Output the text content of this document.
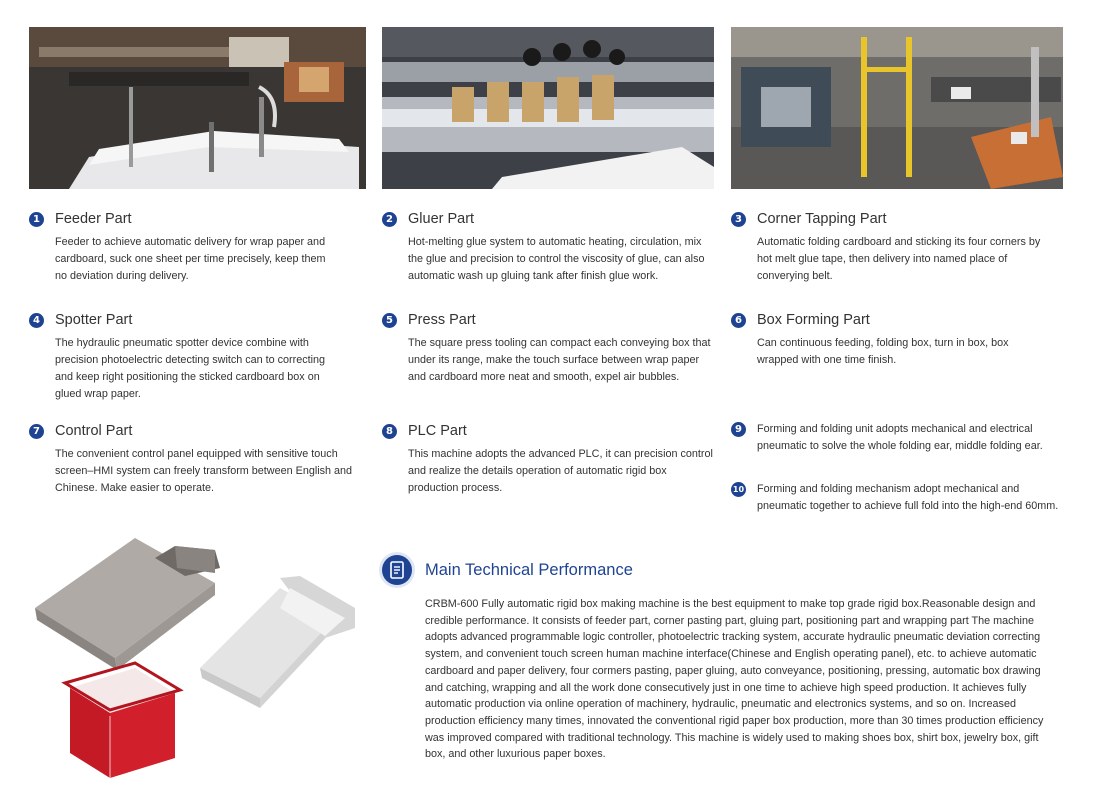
1 Feeder Part
Feeder to achieve automatic delivery for wrap paper and cardboard, suck one sheet per time precisely, keep them no deviation during delivery.
2 Gluer Part
Hot-melting glue system to automatic heating, circulation, mix the glue and precision to control the viscosity of glue, can also automatic wash up gluing tank after finish glue work.
3 Corner Tapping Part
Automatic folding cardboard and sticking its four corners by hot melt glue tape, then delivery into named place of converying belt.
4 Spotter Part
The hydraulic pneumatic spotter device combine with precision photoelectric detecting switch can to correcting and keep right positioning the sticked cardboard box on glued wrap paper.
5 Press Part
The square press tooling can compact each conveying box that under its range, make the touch surface between wrap paper and cardboard more neat and smooth, expel air bubbles.
6 Box Forming Part
Can continuous feeding, folding box, turn in box, box wrapped with one time finish.
7 Control Part
The convenient control panel equipped with sensitive touch screen–HMI system can freely transform between English and Chinese. Make easier to operate.
8 PLC Part
This machine adopts the advanced PLC, it can precision control and realize the details operation of automatic rigid box production process.
9	Forming and folding unit adopts mechanical and electrical pneumatic to solve the whole folding ear, middle folding ear.
10 Forming and folding mechanism adopt mechanical and pneumatic together to achieve full fold into the high-end 60mm.
Main Technical Performance
CRBM-600 Fully automatic rigid box making machine is the best equipment to make top grade rigid box.Reasonable design and credible performance. It consists of feeder part, corner pasting part, gluing part, positioning part and wrapping part The machine adopts advanced programmable logic controller, photoelectric tracking system, accurate hydraulic pneumatic deviation correcting system, and convenient touch screen human machine interface(Chinese and English operating panel), etc. to achieve automatic cardboard and paper delivery, four cormers pasting, paper gluing, auto conveyance, positioning, pressing, automatic box drawing and catching, wrapping and all the work done consecutively just in one time to achieve high speed production. It achieves fully automatic production via online operation of machinery, hydraulic, pneumatic and electronics systems, and so on. Increased production efficiency many times, innovated the conventional rigid paper box production, more than 30 times production efficiency was improved compared with traditional technology. This machine is widely used to making shoes box, shirt box, jewelry box, gift box, and other luxurious paper boxes.
